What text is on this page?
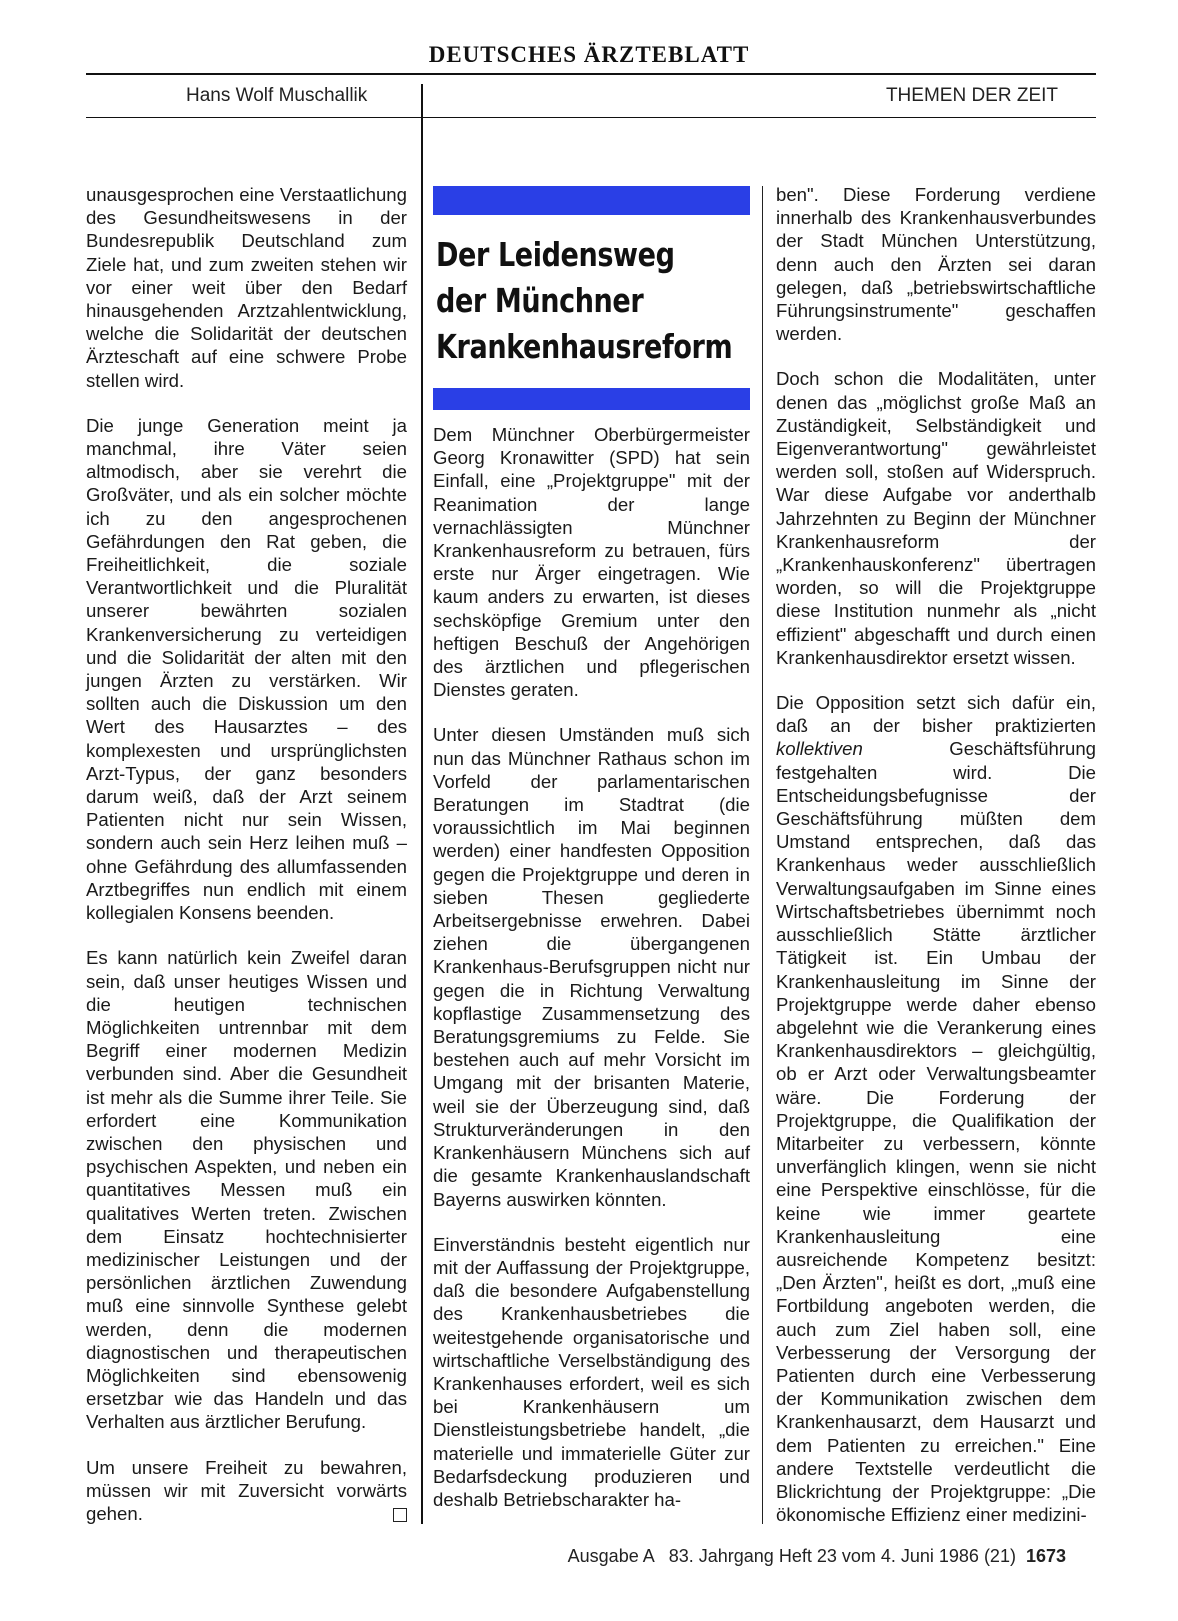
DEUTSCHES ÄRZTEBLATT
Hans Wolf Muschallik	THEMEN DER ZEIT

unausgesprochen eine Verstaatlichung des Gesundheitswesens in der Bundesrepublik Deutschland zum Ziele hat, und zum zweiten stehen wir vor einer weit über den Bedarf hinausgehenden Arztzahlentwicklung, welche die Solidarität der deutschen Ärzteschaft auf eine schwere Probe stellen wird.

Die junge Generation meint ja manchmal, ihre Väter seien altmodisch, aber sie verehrt die Großväter, und als ein solcher möchte ich zu den angesprochenen Gefährdungen den Rat geben, die Freiheitlichkeit, die soziale Verantwortlichkeit und die Pluralität unserer bewährten sozialen Krankenversicherung zu verteidigen und die Solidarität der alten mit den jungen Ärzten zu verstärken. Wir sollten auch die Diskussion um den Wert des Hausarztes – des komplexesten und ursprünglichsten Arzt-Typus, der ganz besonders darum weiß, daß der Arzt seinem Patienten nicht nur sein Wissen, sondern auch sein Herz leihen muß – ohne Gefährdung des allumfassenden Arztbegriffes nun endlich mit einem kollegialen Konsens beenden.

Es kann natürlich kein Zweifel daran sein, daß unser heutiges Wissen und die heutigen technischen Möglichkeiten untrennbar mit dem Begriff einer modernen Medizin verbunden sind. Aber die Gesundheit ist mehr als die Summe ihrer Teile. Sie erfordert eine Kommunikation zwischen den physischen und psychischen Aspekten, und neben ein quantitatives Messen muß ein qualitatives Werten treten. Zwischen dem Einsatz hochtechnisierter medizinischer Leistungen und der persönlichen ärztlichen Zuwendung muß eine sinnvolle Synthese gelebt werden, denn die modernen diagnostischen und therapeutischen Möglichkeiten sind ebensowenig ersetzbar wie das Handeln und das Verhalten aus ärztlicher Berufung.

Um unsere Freiheit zu bewahren, müssen wir mit Zuversicht vorwärts gehen.

Der Leidensweg
der Münchner
Krankenhausreform

Dem Münchner Oberbürgermeister Georg Kronawitter (SPD) hat sein Einfall, eine „Projektgruppe" mit der Reanimation der lange vernachlässigten Münchner Krankenhausreform zu betrauen, fürs erste nur Ärger eingetragen. Wie kaum anders zu erwarten, ist dieses sechsköpfige Gremium unter den heftigen Beschuß der Angehörigen des ärztlichen und pflegerischen Dienstes geraten.

Unter diesen Umständen muß sich nun das Münchner Rathaus schon im Vorfeld der parlamentarischen Beratungen im Stadtrat (die voraussichtlich im Mai beginnen werden) einer handfesten Opposition gegen die Projektgruppe und deren in sieben Thesen gegliederte Arbeitsergebnisse erwehren. Dabei ziehen die übergangenen Krankenhaus-Berufsgruppen nicht nur gegen die in Richtung Verwaltung kopflastige Zusammensetzung des Beratungsgremiums zu Felde. Sie bestehen auch auf mehr Vorsicht im Umgang mit der brisanten Materie, weil sie der Überzeugung sind, daß Strukturveränderungen in den Krankenhäusern Münchens sich auf die gesamte Krankenhauslandschaft Bayerns auswirken könnten.

Einverständnis besteht eigentlich nur mit der Auffassung der Projektgruppe, daß die besondere Aufgabenstellung des Krankenhausbetriebes die weitestgehende organisatorische und wirtschaftliche Verselbständigung des Krankenhauses erfordert, weil es sich bei Krankenhäusern um Dienstleistungsbetriebe handelt, „die materielle und immaterielle Güter zur Bedarfsdeckung produzieren und deshalb Betriebscharakter ha-

ben". Diese Forderung verdiene innerhalb des Krankenhausverbundes der Stadt München Unterstützung, denn auch den Ärzten sei daran gelegen, daß „betriebswirtschaftliche Führungsinstrumente" geschaffen werden.

Doch schon die Modalitäten, unter denen das „möglichst große Maß an Zuständigkeit, Selbständigkeit und Eigenverantwortung" gewährleistet werden soll, stoßen auf Widerspruch. War diese Aufgabe vor anderthalb Jahrzehnten zu Beginn der Münchner Krankenhausreform der „Krankenhauskonferenz" übertragen worden, so will die Projektgruppe diese Institution nunmehr als „nicht effizient" abgeschafft und durch einen Krankenhausdirektor ersetzt wissen.

Die Opposition setzt sich dafür ein, daß an der bisher praktizierten kollektiven Geschäftsführung festgehalten wird. Die Entscheidungsbefugnisse der Geschäftsführung müßten dem Umstand entsprechen, daß das Krankenhaus weder ausschließlich Verwaltungsaufgaben im Sinne eines Wirtschaftsbetriebes übernimmt noch ausschließlich Stätte ärztlicher Tätigkeit ist. Ein Umbau der Krankenhausleitung im Sinne der Projektgruppe werde daher ebenso abgelehnt wie die Verankerung eines Krankenhausdirektors – gleichgültig, ob er Arzt oder Verwaltungsbeamter wäre. Die Forderung der Projektgruppe, die Qualifikation der Mitarbeiter zu verbessern, könnte unverfänglich klingen, wenn sie nicht eine Perspektive einschlösse, für die keine wie immer geartete Krankenhausleitung eine ausreichende Kompetenz besitzt: „Den Ärzten", heißt es dort, „muß eine Fortbildung angeboten werden, die auch zum Ziel haben soll, eine Verbesserung der Versorgung der Patienten durch eine Verbesserung der Kommunikation zwischen dem Krankenhausarzt, dem Hausarzt und dem Patienten zu erreichen." Eine andere Textstelle verdeutlicht die Blickrichtung der Projektgruppe: „Die ökonomische Effizienz einer medizini-

Ausgabe A   83. Jahrgang Heft 23 vom 4. Juni 1986 (21) 1673
